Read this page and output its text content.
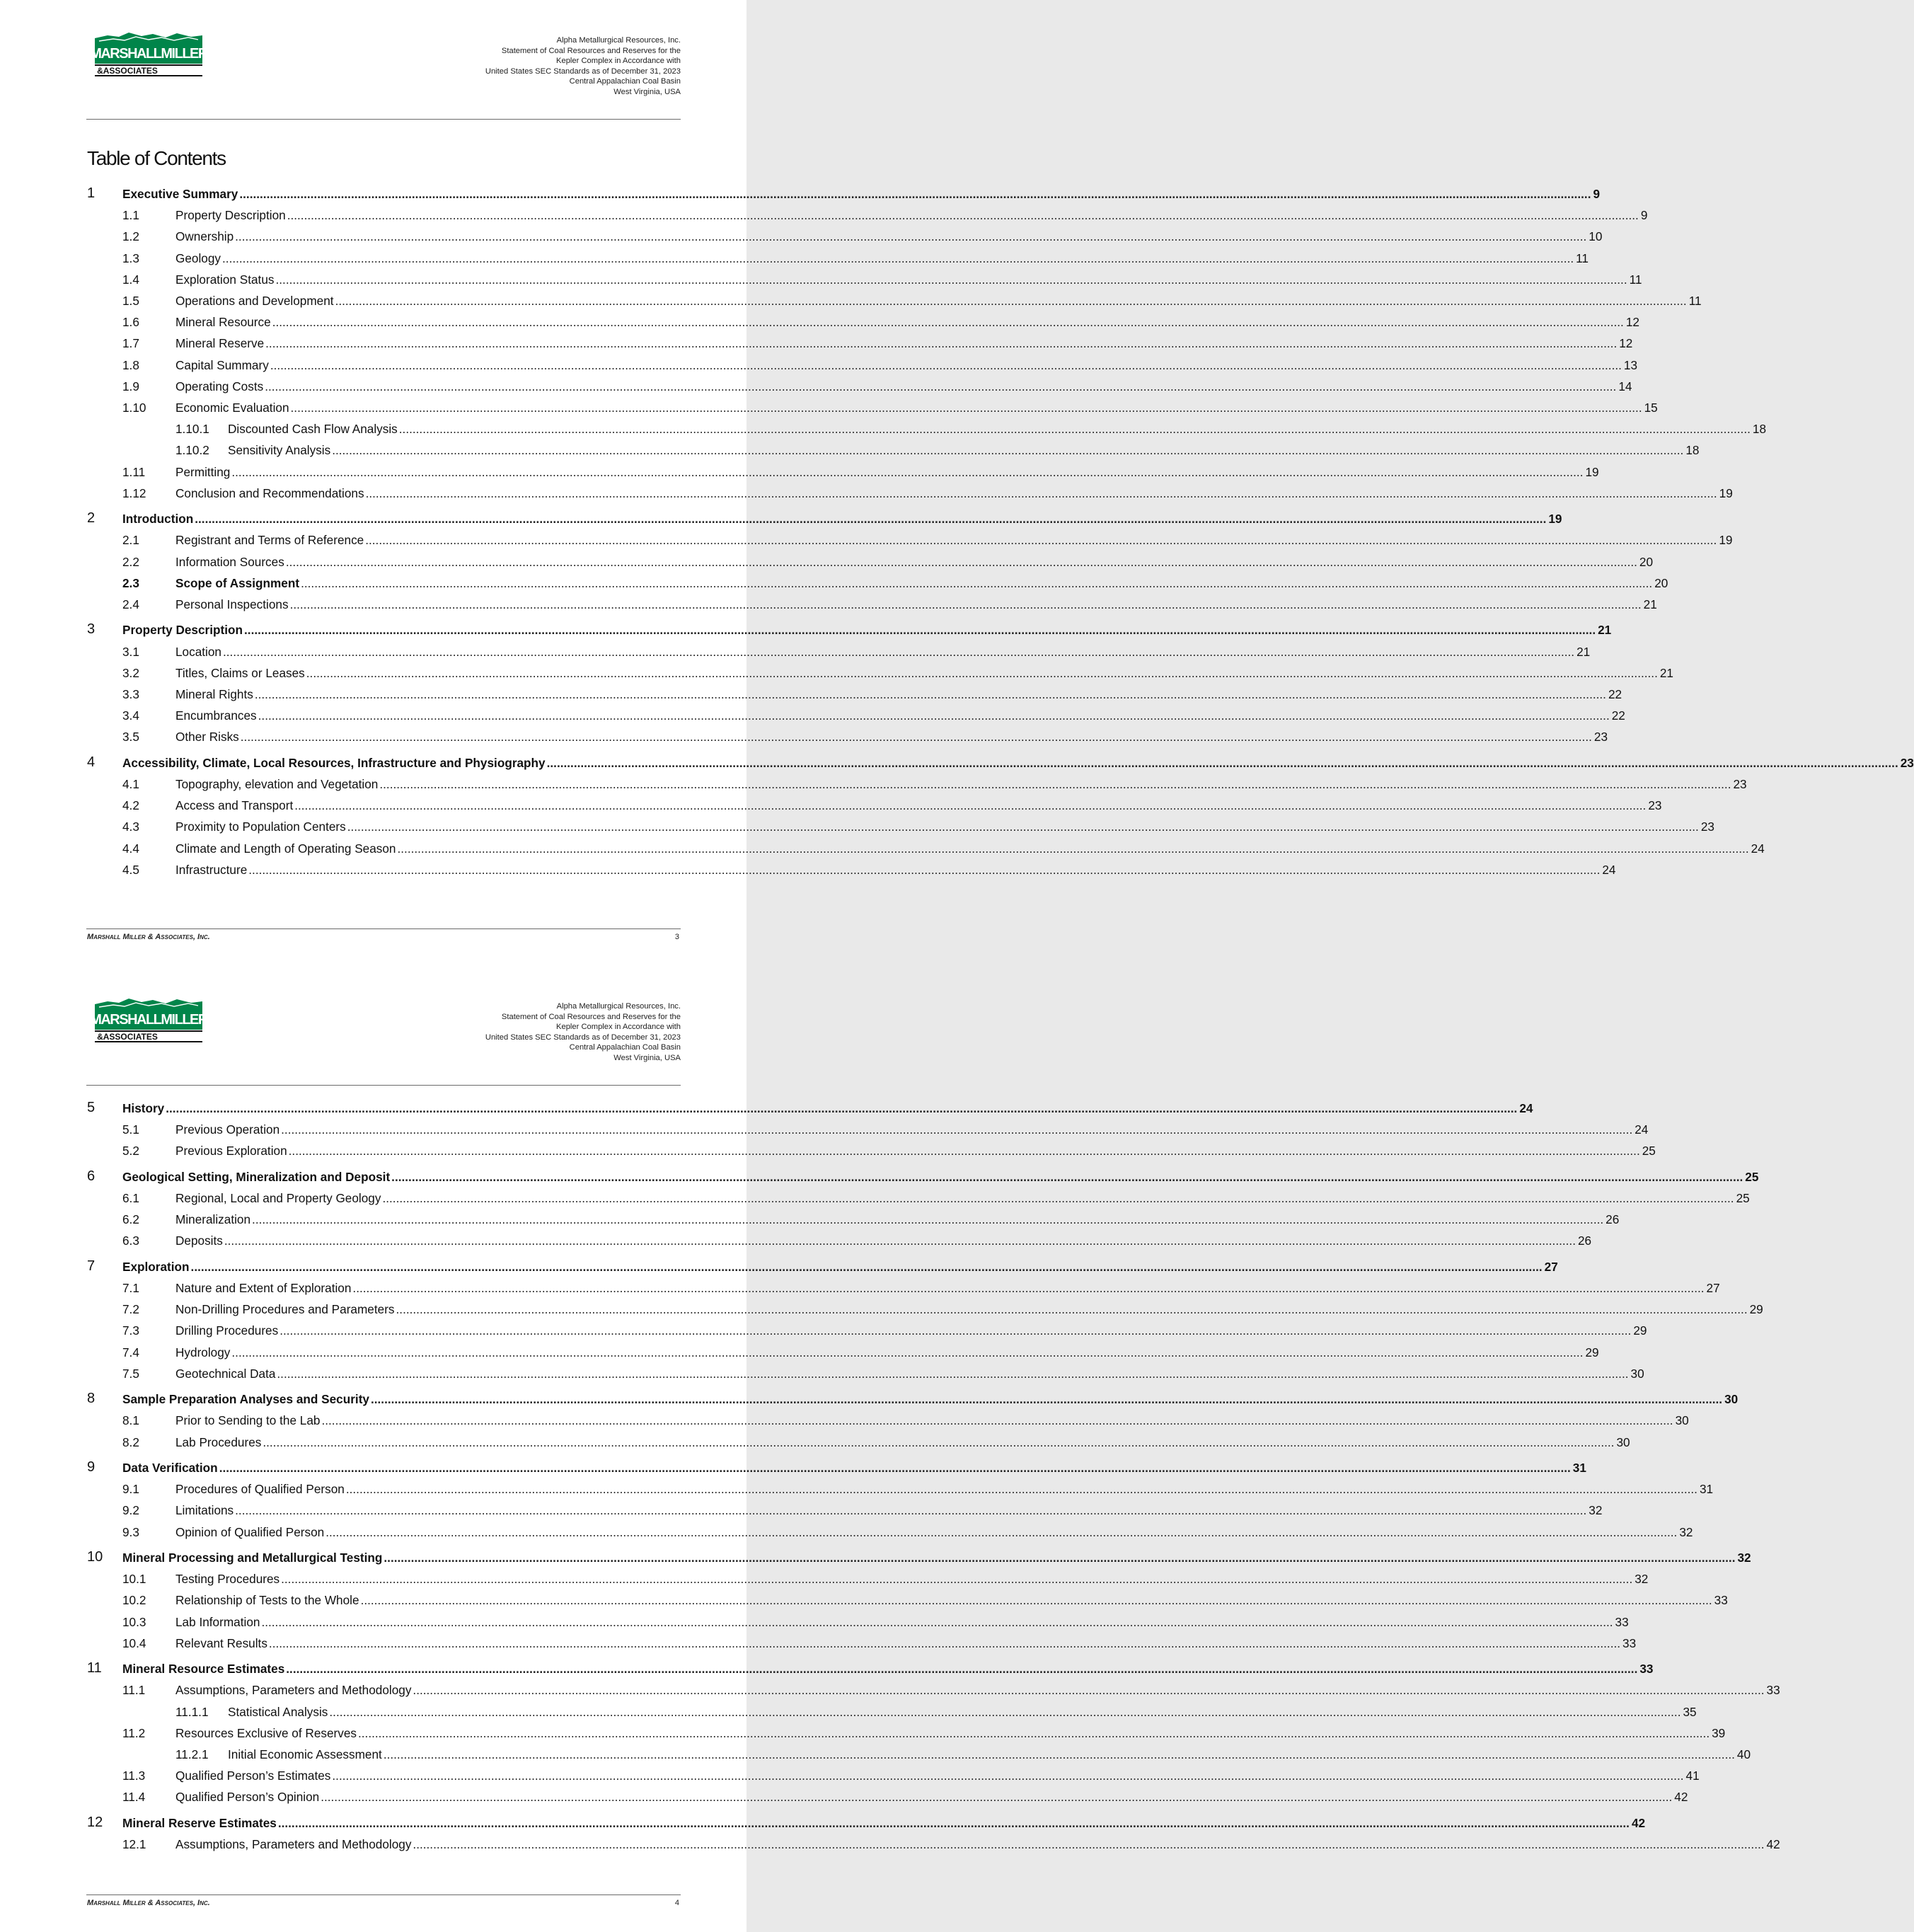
MARSHALLMILLER
&ASSOCIATES
Alpha Metallurgical Resources, Inc.
Statement of Coal Resources and Reserves for the
Kepler Complex in Accordance with
United States SEC Standards as of December 31, 2023
Central Appalachian Coal Basin
West Virginia, USA
Table of Contents
1 Executive Summary ................................................................................................................................................................................................................................................................................................................................................................................................................ 9
1.1	Property Description ................................................................................................................................................................................................................................................................................................................................................................................................................ 9
1.2	Ownership ................................................................................................................................................................................................................................................................................................................................................................................................................ 10
1.3	Geology ................................................................................................................................................................................................................................................................................................................................................................................................................ 11
1.4	Exploration Status ................................................................................................................................................................................................................................................................................................................................................................................................................ 11
1.5	Operations and Development ................................................................................................................................................................................................................................................................................................................................................................................................................ 11
1.6	Mineral Resource ................................................................................................................................................................................................................................................................................................................................................................................................................ 12
1.7	Mineral Reserve ................................................................................................................................................................................................................................................................................................................................................................................................................ 12
1.8	Capital Summary ................................................................................................................................................................................................................................................................................................................................................................................................................ 13
1.9	Operating Costs ................................................................................................................................................................................................................................................................................................................................................................................................................ 14
1.10 Economic Evaluation ................................................................................................................................................................................................................................................................................................................................................................................................................ 15
1.10.1 Discounted Cash Flow Analysis ................................................................................................................................................................................................................................................................................................................................................................................................................ 18
1.10.2 Sensitivity Analysis ................................................................................................................................................................................................................................................................................................................................................................................................................ 18
1.11 Permitting ................................................................................................................................................................................................................................................................................................................................................................................................................ 19
1.12 Conclusion and Recommendations ................................................................................................................................................................................................................................................................................................................................................................................................................ 19
2 Introduction ................................................................................................................................................................................................................................................................................................................................................................................................................ 19
2.1	Registrant and Terms of Reference ................................................................................................................................................................................................................................................................................................................................................................................................................ 19
2.2	Information Sources ................................................................................................................................................................................................................................................................................................................................................................................................................ 20
2.3	Scope of Assignment ................................................................................................................................................................................................................................................................................................................................................................................................................ 20
2.4	Personal Inspections ................................................................................................................................................................................................................................................................................................................................................................................................................ 21
3 Property Description ................................................................................................................................................................................................................................................................................................................................................................................................................ 21
3.1	Location ................................................................................................................................................................................................................................................................................................................................................................................................................ 21
3.2	Titles, Claims or Leases ................................................................................................................................................................................................................................................................................................................................................................................................................ 21
3.3	Mineral Rights ................................................................................................................................................................................................................................................................................................................................................................................................................ 22
3.4	Encumbrances ................................................................................................................................................................................................................................................................................................................................................................................................................ 22
3.5	Other Risks ................................................................................................................................................................................................................................................................................................................................................................................................................ 23
4 Accessibility, Climate, Local Resources, Infrastructure and Physiography ................................................................................................................................................................................................................................................................................................................................................................................................................ 23
4.1	Topography, elevation and Vegetation ................................................................................................................................................................................................................................................................................................................................................................................................................ 23
4.2	Access and Transport ................................................................................................................................................................................................................................................................................................................................................................................................................ 23
4.3	Proximity to Population Centers ................................................................................................................................................................................................................................................................................................................................................................................................................ 23
4.4	Climate and Length of Operating Season ................................................................................................................................................................................................................................................................................................................................................................................................................ 24
4.5	Infrastructure ................................................................................................................................................................................................................................................................................................................................................................................................................ 24
Marshall Miller & Associates, Inc.	3
MARSHALLMILLER
&ASSOCIATES
Alpha Metallurgical Resources, Inc.
Statement of Coal Resources and Reserves for the
Kepler Complex in Accordance with
United States SEC Standards as of December 31, 2023
Central Appalachian Coal Basin
West Virginia, USA
5 History ................................................................................................................................................................................................................................................................................................................................................................................................................ 24
5.1	Previous Operation ................................................................................................................................................................................................................................................................................................................................................................................................................ 24
5.2	Previous Exploration ................................................................................................................................................................................................................................................................................................................................................................................................................ 25
6 Geological Setting, Mineralization and Deposit ................................................................................................................................................................................................................................................................................................................................................................................................................ 25
6.1	Regional, Local and Property Geology ................................................................................................................................................................................................................................................................................................................................................................................................................ 25
6.2	Mineralization ................................................................................................................................................................................................................................................................................................................................................................................................................ 26
6.3	Deposits ................................................................................................................................................................................................................................................................................................................................................................................................................ 26
7 Exploration ................................................................................................................................................................................................................................................................................................................................................................................................................ 27
7.1	Nature and Extent of Exploration ................................................................................................................................................................................................................................................................................................................................................................................................................ 27
7.2	Non-Drilling Procedures and Parameters ................................................................................................................................................................................................................................................................................................................................................................................................................ 29
7.3	Drilling Procedures ................................................................................................................................................................................................................................................................................................................................................................................................................ 29
7.4	Hydrology ................................................................................................................................................................................................................................................................................................................................................................................................................ 29
7.5	Geotechnical Data ................................................................................................................................................................................................................................................................................................................................................................................................................ 30
8 Sample Preparation Analyses and Security ................................................................................................................................................................................................................................................................................................................................................................................................................ 30
8.1	Prior to Sending to the Lab ................................................................................................................................................................................................................................................................................................................................................................................................................ 30
8.2	Lab Procedures ................................................................................................................................................................................................................................................................................................................................................................................................................ 30
9 Data Verification ................................................................................................................................................................................................................................................................................................................................................................................................................ 31
9.1	Procedures of Qualified Person ................................................................................................................................................................................................................................................................................................................................................................................................................ 31
9.2	Limitations ................................................................................................................................................................................................................................................................................................................................................................................................................ 32
9.3	Opinion of Qualified Person ................................................................................................................................................................................................................................................................................................................................................................................................................ 32
10 Mineral Processing and Metallurgical Testing ................................................................................................................................................................................................................................................................................................................................................................................................................ 32
10.1 Testing Procedures ................................................................................................................................................................................................................................................................................................................................................................................................................ 32
10.2 Relationship of Tests to the Whole ................................................................................................................................................................................................................................................................................................................................................................................................................ 33
10.3 Lab Information ................................................................................................................................................................................................................................................................................................................................................................................................................ 33
10.4 Relevant Results ................................................................................................................................................................................................................................................................................................................................................................................................................ 33
11 Mineral Resource Estimates ................................................................................................................................................................................................................................................................................................................................................................................................................ 33
11.1 Assumptions, Parameters and Methodology ................................................................................................................................................................................................................................................................................................................................................................................................................ 33
11.1.1 Statistical Analysis ................................................................................................................................................................................................................................................................................................................................................................................................................ 35
11.2 Resources Exclusive of Reserves ................................................................................................................................................................................................................................................................................................................................................................................................................ 39
11.2.1 Initial Economic Assessment ................................................................................................................................................................................................................................................................................................................................................................................................................ 40
11.3 Qualified Person’s Estimates ................................................................................................................................................................................................................................................................................................................................................................................................................ 41
11.4 Qualified Person’s Opinion ................................................................................................................................................................................................................................................................................................................................................................................................................ 42
12 Mineral Reserve Estimates ................................................................................................................................................................................................................................................................................................................................................................................................................ 42
12.1 Assumptions, Parameters and Methodology ................................................................................................................................................................................................................................................................................................................................................................................................................ 42
Marshall Miller & Associates, Inc.	4
